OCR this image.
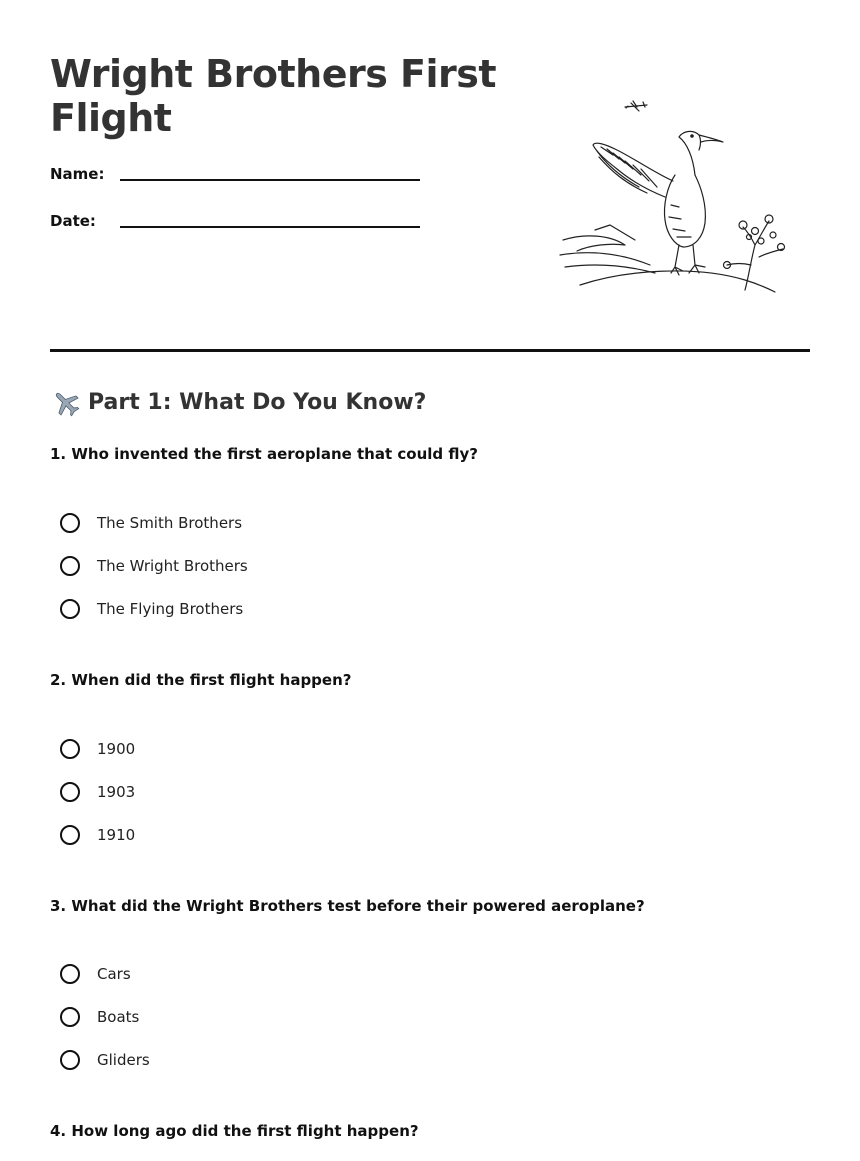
Wright Brothers First Flight
Name:
Date:
Part 1: What Do You Know?
1. Who invented the first aeroplane that could fly?
The Smith Brothers
The Wright Brothers
The Flying Brothers
2. When did the first flight happen?
1900
1903
1910
3. What did the Wright Brothers test before their powered aeroplane?
Cars
Boats
Gliders
4. How long ago did the first flight happen?
